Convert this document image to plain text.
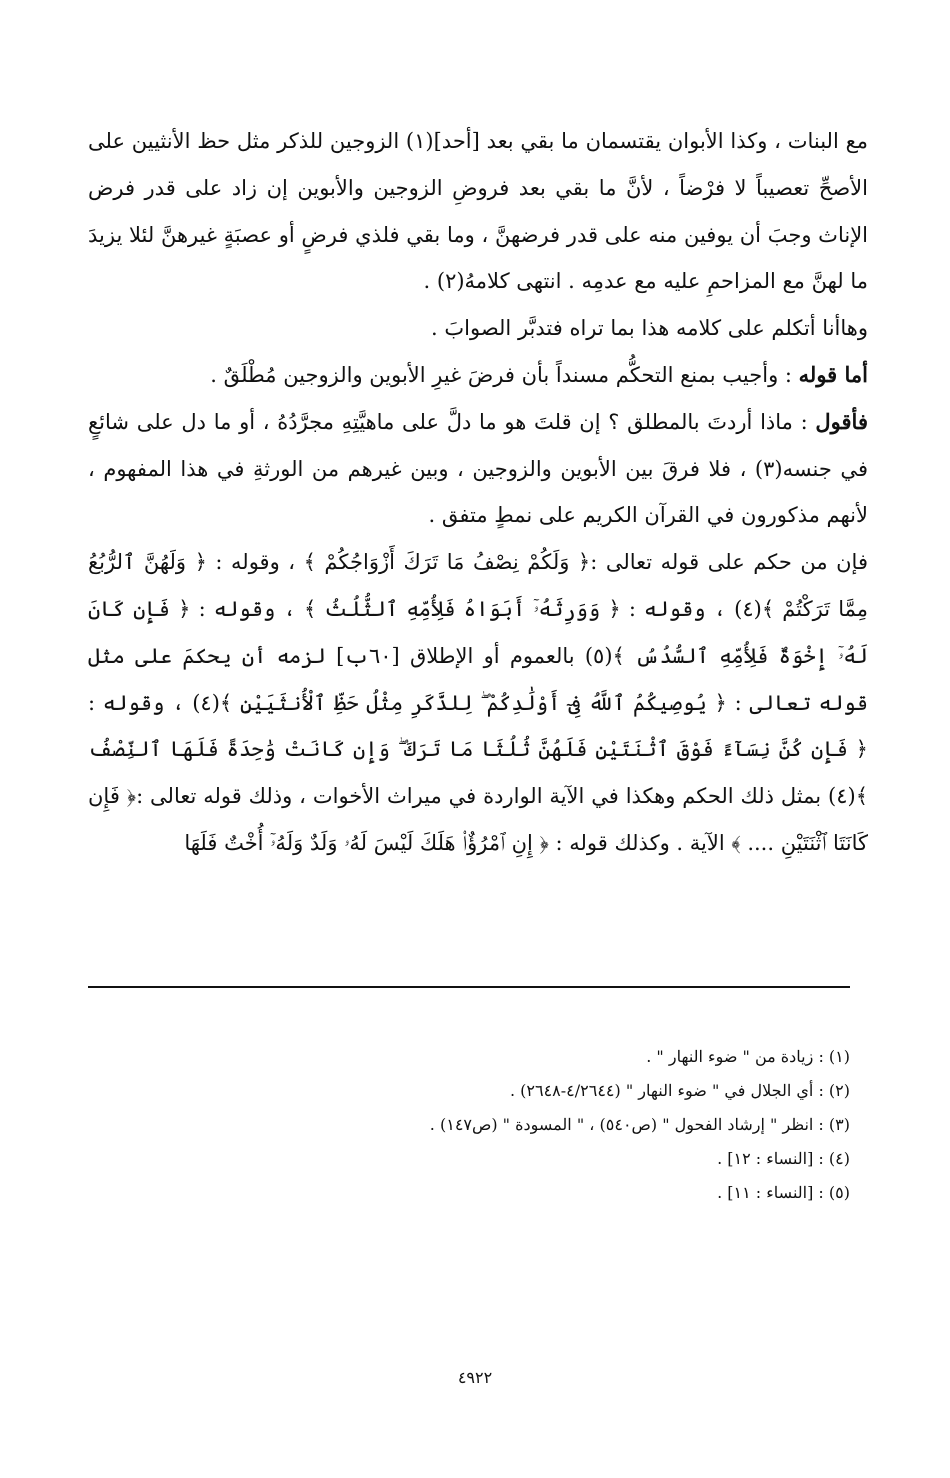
مع البنات ، وكذا الأبوان يقتسمان ما بقي بعد [أحد](١) الزوجين للذكر مثل حظ الأنثيين على الأصحِّ تعصيباً لا فرْضاً ، لأنَّ ما بقي بعد فروضِ الزوجين والأبوين إن زاد على قدر فرض الإناث وجبَ أن يوفين منه على قدر فرضهنَّ ، وما بقي فلذي فرضٍ أو عصبَةٍ غيرهنَّ لئلا يزيدَ ما لهنَّ مع المزاحمِ عليه مع عدمِه . انتهى كلامهُ(٢) .

وهاأنا أتكلم على كلامه هذا بما تراه فتدبَّر الصوابَ .

أما قوله : وأجيب بمنع التحكُّم مسنداً بأن فرضَ غيرِ الأبوين والزوجين مُطْلَقٌ .

فأقول : ماذا أردتَ بالمطلق ؟ إن قلتَ هو ما دلَّ على ماهيَّتِهِ مجرَّدُهُ ، أو ما دل على شائعٍ في جنسه(٣) ، فلا فرقَ بين الأبوين والزوجين ، وبين غيرهم من الورثةِ في هذا المفهوم ، لأنهم مذكورون في القرآن الكريم على نمطٍ متفق .

فإن من حكم على قوله تعالى :﴿ وَلَكُمْ نِصْفُ مَا تَرَكَ أَزْوَاجُكُمْ ﴾ ، وقوله : ﴿ وَلَهُنَّ ٱلرُّبُعُ مِمَّا تَرَكْتُمْ ﴾(٤) ، وقوله : ﴿ وَوَرِثَهُۥٓ أَبَوَاهُ فَلِأُمِّهِ ٱلثُّلُثُ ﴾ ، وقوله : ﴿ فَإِن كَانَ لَهُۥٓ إِخْوَةٌ فَلِأُمِّهِ ٱلسُّدُسُ ﴾(٥) بالعموم أو الإطلاق [٦٠ب] لزمه أن يحكمَ على مثل قوله تعالى : ﴿ يُوصِيكُمُ ٱللَّهُ فِىٓ أَوْلَٰدِكُمْ ۖ لِلذَّكَرِ مِثْلُ حَظِّ ٱلْأُنثَيَيْنِ ﴾(٤) ، وقوله : ﴿ فَإِن كُنَّ نِسَآءً فَوْقَ ٱثْنَتَيْنِ فَلَهُنَّ ثُلُثَا مَا تَرَكَ ۖ وَإِن كَانَتْ وَٰحِدَةً فَلَهَا ٱلنِّصْفُ ﴾(٤) بمثل ذلك الحكم وهكذا في الآية الواردة في ميراث الأخوات ، وذلك قوله تعالى :﴿ فَإِن كَانَتَا ٱثْنَتَيْنِ .... ﴾ الآية . وكذلك قوله : ﴿ إِنِ ٱمْرُؤٌا۟ هَلَكَ لَيْسَ لَهُۥ وَلَدٌ وَلَهُۥٓ أُخْتٌ فَلَهَا

(١) : زيادة من " ضوء النهار " .

(٢) : أي الجلال في " ضوء النهار " (٤/٢٦٤٤-٢٦٤٨) .

(٣) : انظر " إرشاد الفحول " (ص٥٤٠) ، " المسودة " (ص١٤٧) .

(٤) : [النساء : ١٢] .

(٥) : [النساء : ١١] .

٤٩٢٢
